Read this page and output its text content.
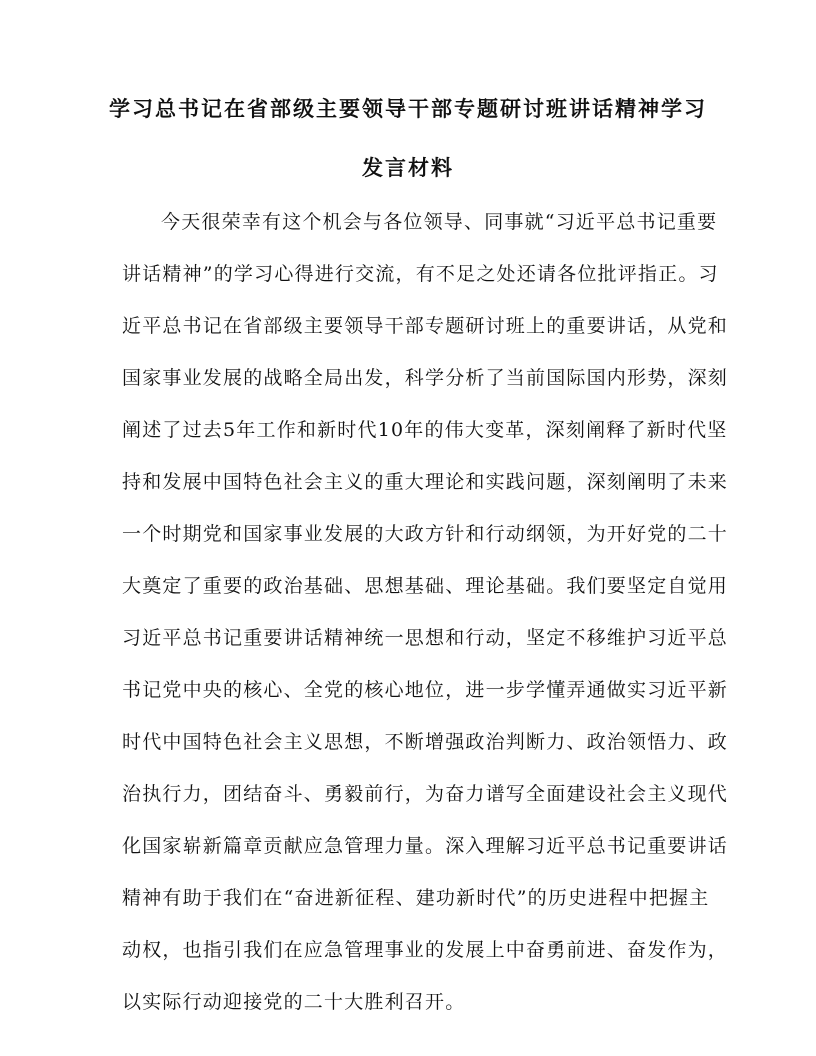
学习总书记在省部级主要领导干部专题研讨班讲话精神学习
发言材料
今天很荣幸有这个机会与各位领导、同事就“习近平总书记重要
讲话精神”的学习心得进行交流，有不足之处还请各位批评指正。习
近平总书记在省部级主要领导干部专题研讨班上的重要讲话，从党和
国家事业发展的战略全局出发，科学分析了当前国际国内形势，深刻
阐述了过去5年工作和新时代10年的伟大变革，深刻阐释了新时代坚
持和发展中国特色社会主义的重大理论和实践问题，深刻阐明了未来
一个时期党和国家事业发展的大政方针和行动纲领，为开好党的二十
大奠定了重要的政治基础、思想基础、理论基础。我们要坚定自觉用
习近平总书记重要讲话精神统一思想和行动，坚定不移维护习近平总
书记党中央的核心、全党的核心地位，进一步学懂弄通做实习近平新
时代中国特色社会主义思想，不断增强政治判断力、政治领悟力、政
治执行力，团结奋斗、勇毅前行，为奋力谱写全面建设社会主义现代
化国家崭新篇章贡献应急管理力量。深入理解习近平总书记重要讲话
精神有助于我们在“奋进新征程、建功新时代”的历史进程中把握主
动权，也指引我们在应急管理事业的发展上中奋勇前进、奋发作为，
以实际行动迎接党的二十大胜利召开。
